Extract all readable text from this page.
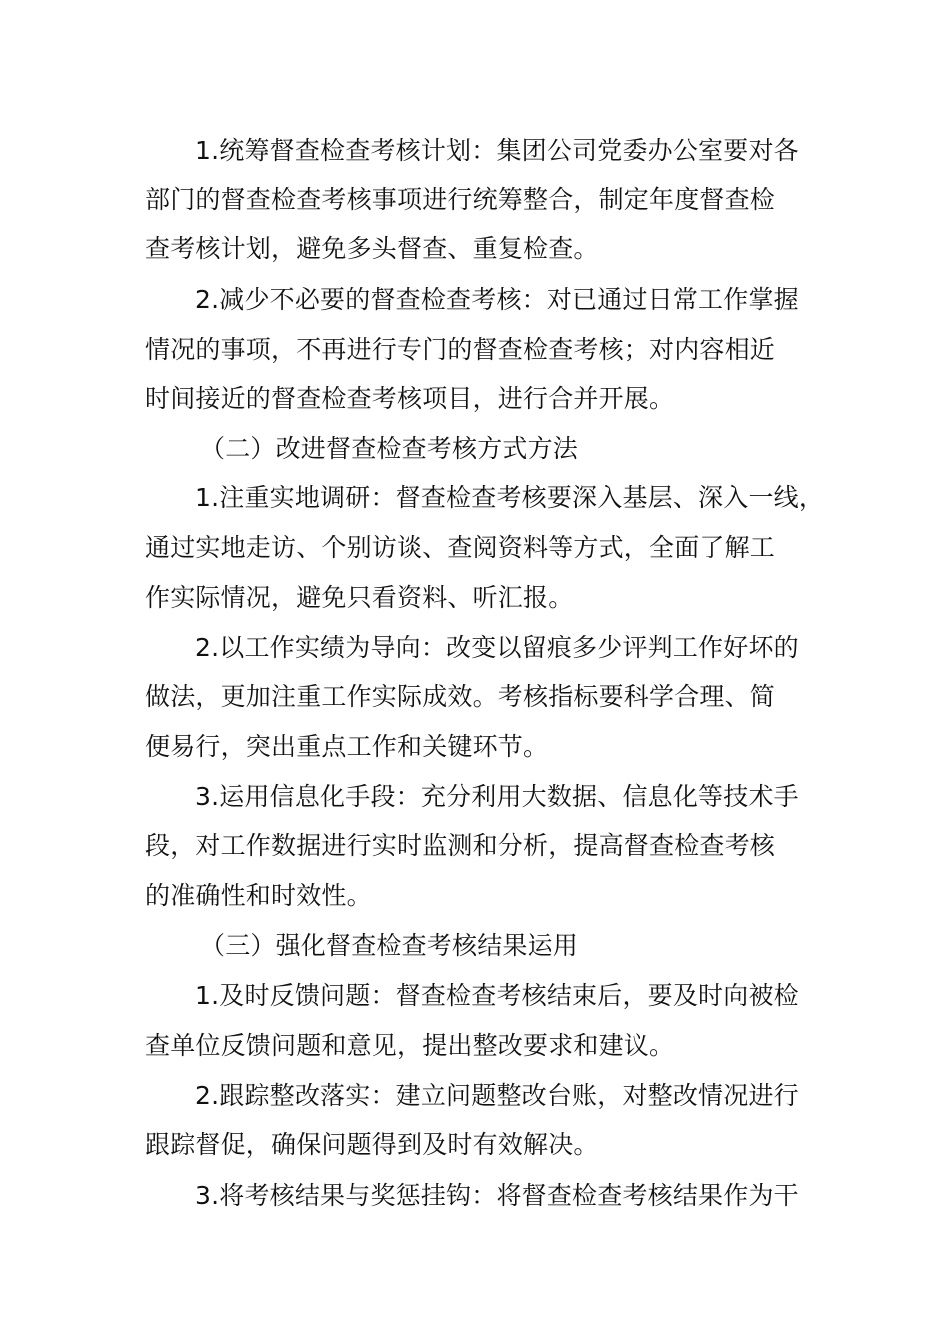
1.统筹督查检查考核计划：集团公司党委办公室要对各
部门的督查检查考核事项进行统筹整合，制定年度督查检
查考核计划，避免多头督查、重复检查。
2.减少不必要的督查检查考核：对已通过日常工作掌握
情况的事项，不再进行专门的督查检查考核；对内容相近
时间接近的督查检查考核项目，进行合并开展。
（二）改进督查检查考核方式方法
1.注重实地调研：督查检查考核要深入基层、深入一线，
通过实地走访、个别访谈、查阅资料等方式，全面了解工
作实际情况，避免只看资料、听汇报。
2.以工作实绩为导向：改变以留痕多少评判工作好坏的
做法，更加注重工作实际成效。考核指标要科学合理、简
便易行，突出重点工作和关键环节。
3.运用信息化手段：充分利用大数据、信息化等技术手
段，对工作数据进行实时监测和分析，提高督查检查考核
的准确性和时效性。
（三）强化督查检查考核结果运用
1.及时反馈问题：督查检查考核结束后，要及时向被检
查单位反馈问题和意见，提出整改要求和建议。
2.跟踪整改落实：建立问题整改台账，对整改情况进行
跟踪督促，确保问题得到及时有效解决。
3.将考核结果与奖惩挂钩：将督查检查考核结果作为干
